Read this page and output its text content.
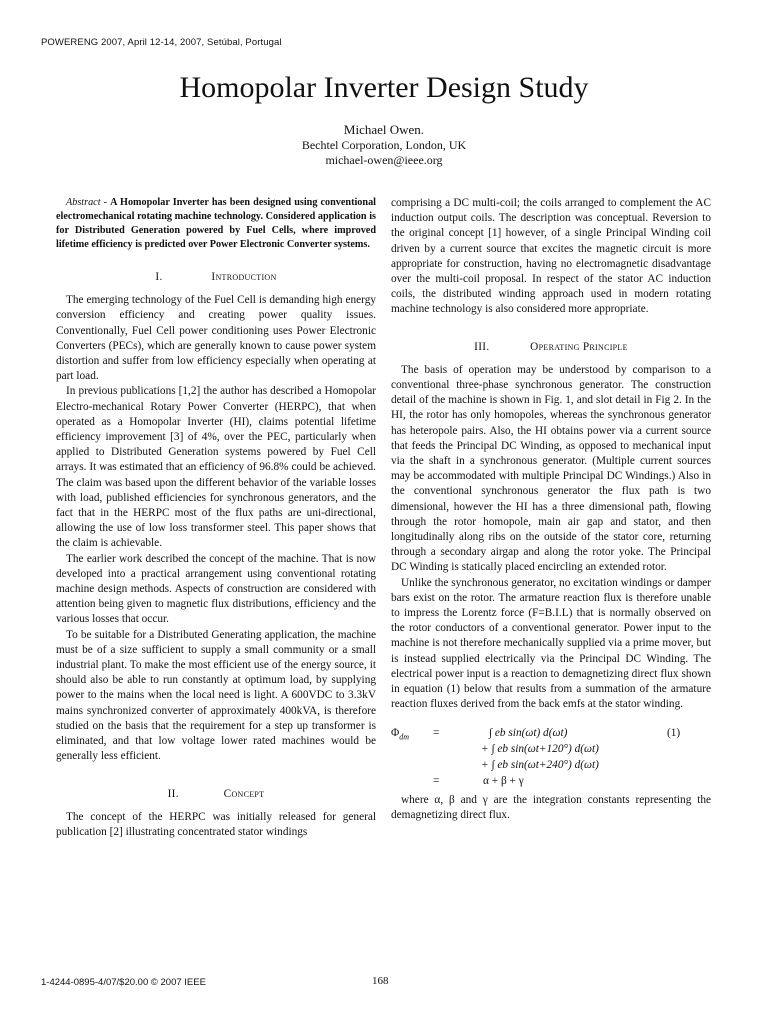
POWERENG 2007, April 12-14, 2007, Setúbal, Portugal
Homopolar Inverter Design Study
Michael Owen.
Bechtel Corporation, London, UK
michael-owen@ieee.org

Abstract - A Homopolar Inverter has been designed using conventional electromechanical rotating machine technology. Considered application is for Distributed Generation powered by Fuel Cells, where improved lifetime efficiency is predicted over Power Electronic Converter systems.

I.	Introduction

The emerging technology of the Fuel Cell is demanding high energy conversion efficiency and creating power quality issues. Conventionally, Fuel Cell power conditioning uses Power Electronic Converters (PECs), which are generally known to cause power system distortion and suffer from low efficiency especially when operating at part load.

In previous publications [1,2] the author has described a Homopolar Electro-mechanical Rotary Power Converter (HERPC), that when operated as a Homopolar Inverter (HI), claims potential lifetime efficiency improvement [3] of 4%, over the PEC, particularly when applied to Distributed Generation systems powered by Fuel Cell arrays. It was estimated that an efficiency of 96.8% could be achieved. The claim was based upon the different behavior of the variable losses with load, published efficiencies for synchronous generators, and the fact that in the HERPC most of the flux paths are uni-directional, allowing the use of low loss transformer steel. This paper shows that the claim is achievable.

The earlier work described the concept of the machine. That is now developed into a practical arrangement using conventional rotating machine design methods. Aspects of construction are considered with attention being given to magnetic flux distributions, efficiency and the various losses that occur.

To be suitable for a Distributed Generating application, the machine must be of a size sufficient to supply a small community or a small industrial plant. To make the most efficient use of the energy source, it should also be able to run constantly at optimum load, by supplying power to the mains when the local need is light. A 600VDC to 3.3kV mains synchronized converter of approximately 400kVA, is therefore studied on the basis that the requirement for a step up transformer is eliminated, and that low voltage lower rated machines would be generally less efficient.

II.	Concept

The concept of the HERPC was initially released for general publication [2] illustrating concentrated stator windings

comprising a DC multi-coil; the coils arranged to complement the AC induction output coils. The description was conceptual. Reversion to the original concept [1] however, of a single Principal Winding coil driven by a current source that excites the magnetic circuit is more appropriate for construction, having no electromagnetic disadvantage over the multi-coil proposal. In respect of the stator AC induction coils, the distributed winding approach used in modern rotating machine technology is also considered more appropriate.

III.	Operating Principle

The basis of operation may be understood by comparison to a conventional three-phase synchronous generator. The construction detail of the machine is shown in Fig. 1, and slot detail in Fig 2. In the HI, the rotor has only homopoles, whereas the synchronous generator has heteropole pairs. Also, the HI obtains power via a current source that feeds the Principal DC Winding, as opposed to mechanical input via the shaft in a synchronous generator. (Multiple current sources may be accommodated with multiple Principal DC Windings.) Also in the conventional synchronous generator the flux path is two dimensional, however the HI has a three dimensional path, flowing through the rotor homopole, main air gap and stator, and then longitudinally along ribs on the outside of the stator core, returning through a secondary airgap and along the rotor yoke. The Principal DC Winding is statically placed encircling an extended rotor.

Unlike the synchronous generator, no excitation windings or damper bars exist on the rotor. The armature reaction flux is therefore unable to impress the Lorentz force (F=B.I.L) that is normally observed on the rotor conductors of a conventional generator. Power input to the machine is not therefore mechanically supplied via a prime mover, but is instead supplied electrically via the Principal DC Winding. The electrical power input is a reaction to demagnetizing direct flux shown in equation (1) below that results from a summation of the armature reaction fluxes derived from the back emfs at the stator winding.

$\Phi_{dm}$ =	∫ eb sin(ωt) d(ωt)	(1)
+ ∫ eb sin(ωt+120°) d(ωt)
+ ∫ eb sin(ωt+240°) d(ωt)
=	α + β + γ

where α, β and γ are the integration constants representing the demagnetizing direct flux.

1-4244-0895-4/07/$20.00 © 2007 IEEE	168
